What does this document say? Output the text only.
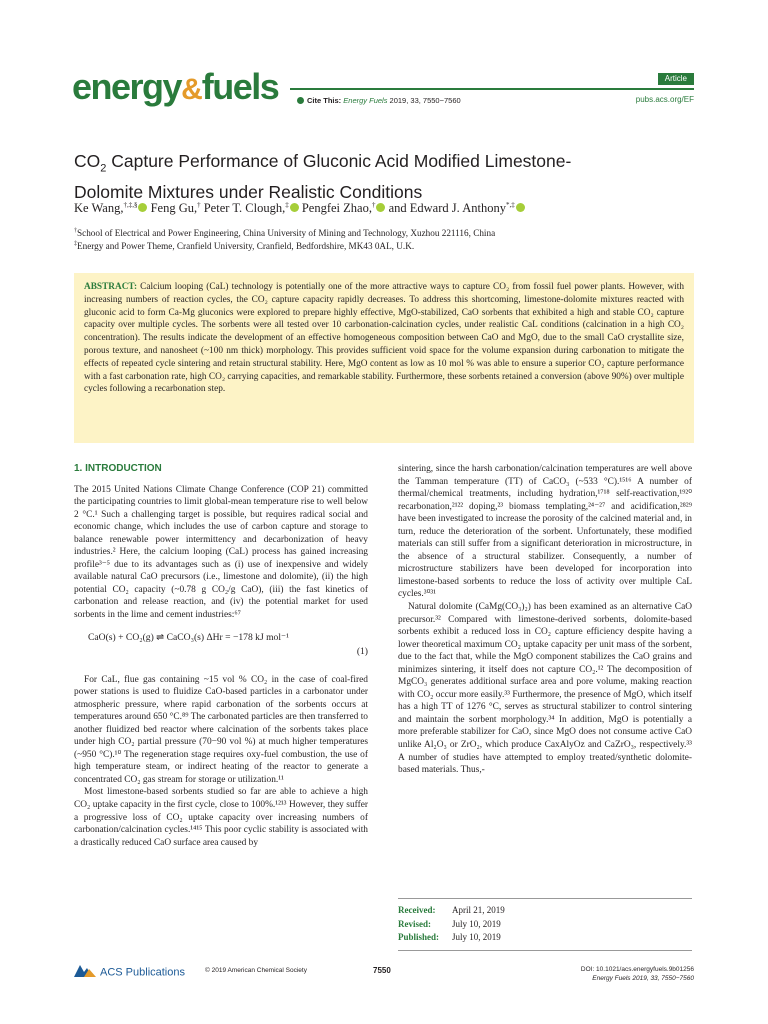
energy&fuels	Article
Cite This: Energy Fuels 2019, 33, 7550−7560	pubs.acs.org/EF
$CO_2$ Capture Performance of Gluconic Acid Modified Limestone-
Dolomite Mixtures under Realistic Conditions
Ke Wang,†,‡,§ Feng Gu,† Peter T. Clough,‡ Pengfei Zhao,† and Edward J. Anthony*,‡
†School of Electrical and Power Engineering, China University of Mining and Technology, Xuzhou 221116, China
‡Energy and Power Theme, Cranfield University, Cranfield, Bedfordshire, MK43 0AL, U.K.

ABSTRACT: Calcium looping (CaL) technology is potentially one of the more attractive ways to capture CO₂ from fossil fuel power plants. However, with increasing numbers of reaction cycles, the CO₂ capture capacity rapidly decreases. To address this shortcoming, limestone-dolomite mixtures reacted with gluconic acid to form Ca-Mg gluconics were explored to prepare highly effective, MgO-stabilized, CaO sorbents that exhibited a high and stable CO₂ capture capacity over multiple cycles. The sorbents were all tested over 10 carbonation-calcination cycles, under realistic CaL conditions (calcination in a high CO₂ concentration). The results indicate the development of an effective homogeneous composition between CaO and MgO, due to the small CaO crystallite size, porous texture, and nanosheet (~100 nm thick) morphology. This provides sufficient void space for the volume expansion during carbonation to mitigate the effects of repeated cycle sintering and retain structural stability. Here, MgO content as low as 10 mol % was able to ensure a superior CO₂ capture performance with a fast carbonation rate, high CO₂ carrying capacities, and remarkable stability. Furthermore, these sorbents retained a conversion (above 90%) over multiple cycles following a recarbonation step.

1. INTRODUCTION

The 2015 United Nations Climate Change Conference (COP 21) committed the participating countries to limit global-mean temperature rise to well below 2 °C.¹ Such a challenging target is possible, but requires radical social and economic change, which includes the use of carbon capture and storage to balance renewable power intermittency and decarbonization of heavy industries.² Here, the calcium looping (CaL) process has gained increasing profile³⁻⁵ due to its advantages such as (i) use of inexpensive and widely available natural CaO precursors (i.e., limestone and dolomite), (ii) the high potential CO₂ capacity (~0.78 g CO₂/g CaO), (iii) the fast kinetics of carbonation and release reaction, and (iv) the potential market for used sorbents in the lime and cement industries:⁶⁷

CaO(s) + CO₂(g) ⇌ CaCO₃(s) ΔHr = −178 kJ mol⁻¹
(1)

For CaL, flue gas containing ~15 vol % CO₂ in the case of coal-fired power stations is used to fluidize CaO-based particles in a carbonator under atmospheric pressure, where rapid carbonation of the sorbents occurs at temperatures around 650 °C.⁸⁹ The carbonated particles are then transferred to another fluidized bed reactor where calcination of the sorbents takes place under high CO₂ partial pressure (70−90 vol %) at much higher temperatures (~950 °C).¹⁰ The regeneration stage requires oxy-fuel combustion, the use of high temperature steam, or indirect heating of the reactor to generate a concentrated CO₂ gas stream for storage or utilization.¹¹

Most limestone-based sorbents studied so far are able to achieve a high CO₂ uptake capacity in the first cycle, close to 100%.¹²¹³ However, they suffer a progressive loss of CO₂ uptake capacity over increasing numbers of carbonation/calcination cycles.¹⁴¹⁵ This poor cyclic stability is associated with a drastically reduced CaO surface area caused by

sintering, since the harsh carbonation/calcination temperatures are well above the Tamman temperature (TT) of CaCO₃ (~533 °C).¹⁵¹⁶ A number of thermal/chemical treatments, including hydration,¹⁷¹⁸ self-reactivation,¹⁹²⁰ recarbonation,²¹²² doping,²³ biomass templating,²⁴⁻²⁷ and acidification,²⁸²⁹ have been investigated to increase the porosity of the calcined material and, in turn, reduce the deterioration of the sorbent. Unfortunately, these modified materials can still suffer from a significant deterioration in microstructure, in the absence of a structural stabilizer. Consequently, a number of microstructure stabilizers have been developed for incorporation into limestone-based sorbents to reduce the loss of activity over multiple CaL cycles.³⁰³¹

Natural dolomite (CaMg(CO₃)₂) has been examined as an alternative CaO precursor.³² Compared with limestone-derived sorbents, dolomite-based sorbents exhibit a reduced loss in CO₂ capture efficiency despite having a lower theoretical maximum CO₂ uptake capacity per unit mass of the sorbent, due to the fact that, while the MgO component stabilizes the CaO grains and minimizes sintering, it itself does not capture CO₂.¹² The decomposition of MgCO₃ generates additional surface area and pore volume, making reaction with CO₂ occur more easily.³³ Furthermore, the presence of MgO, which itself has a high TT of 1276 °C, serves as structural stabilizer to control sintering and maintain the sorbent morphology.³⁴ In addition, MgO is potentially a more preferable stabilizer for CaO, since MgO does not consume active CaO unlike Al₂O₃ or ZrO₂, which produce CaxAlyOz and CaZrO₃, respectively.³³ A number of studies have attempted to employ treated/synthetic dolomite-based materials. Thus,-

Received: April 21, 2019
Revised: July 10, 2019
Published: July 10, 2019
ACS Publications	© 2019 American Chemical Society	7550	DOI: 10.1021/acs.energyfuels.9b01256
Energy Fuels 2019, 33, 7550−7560
